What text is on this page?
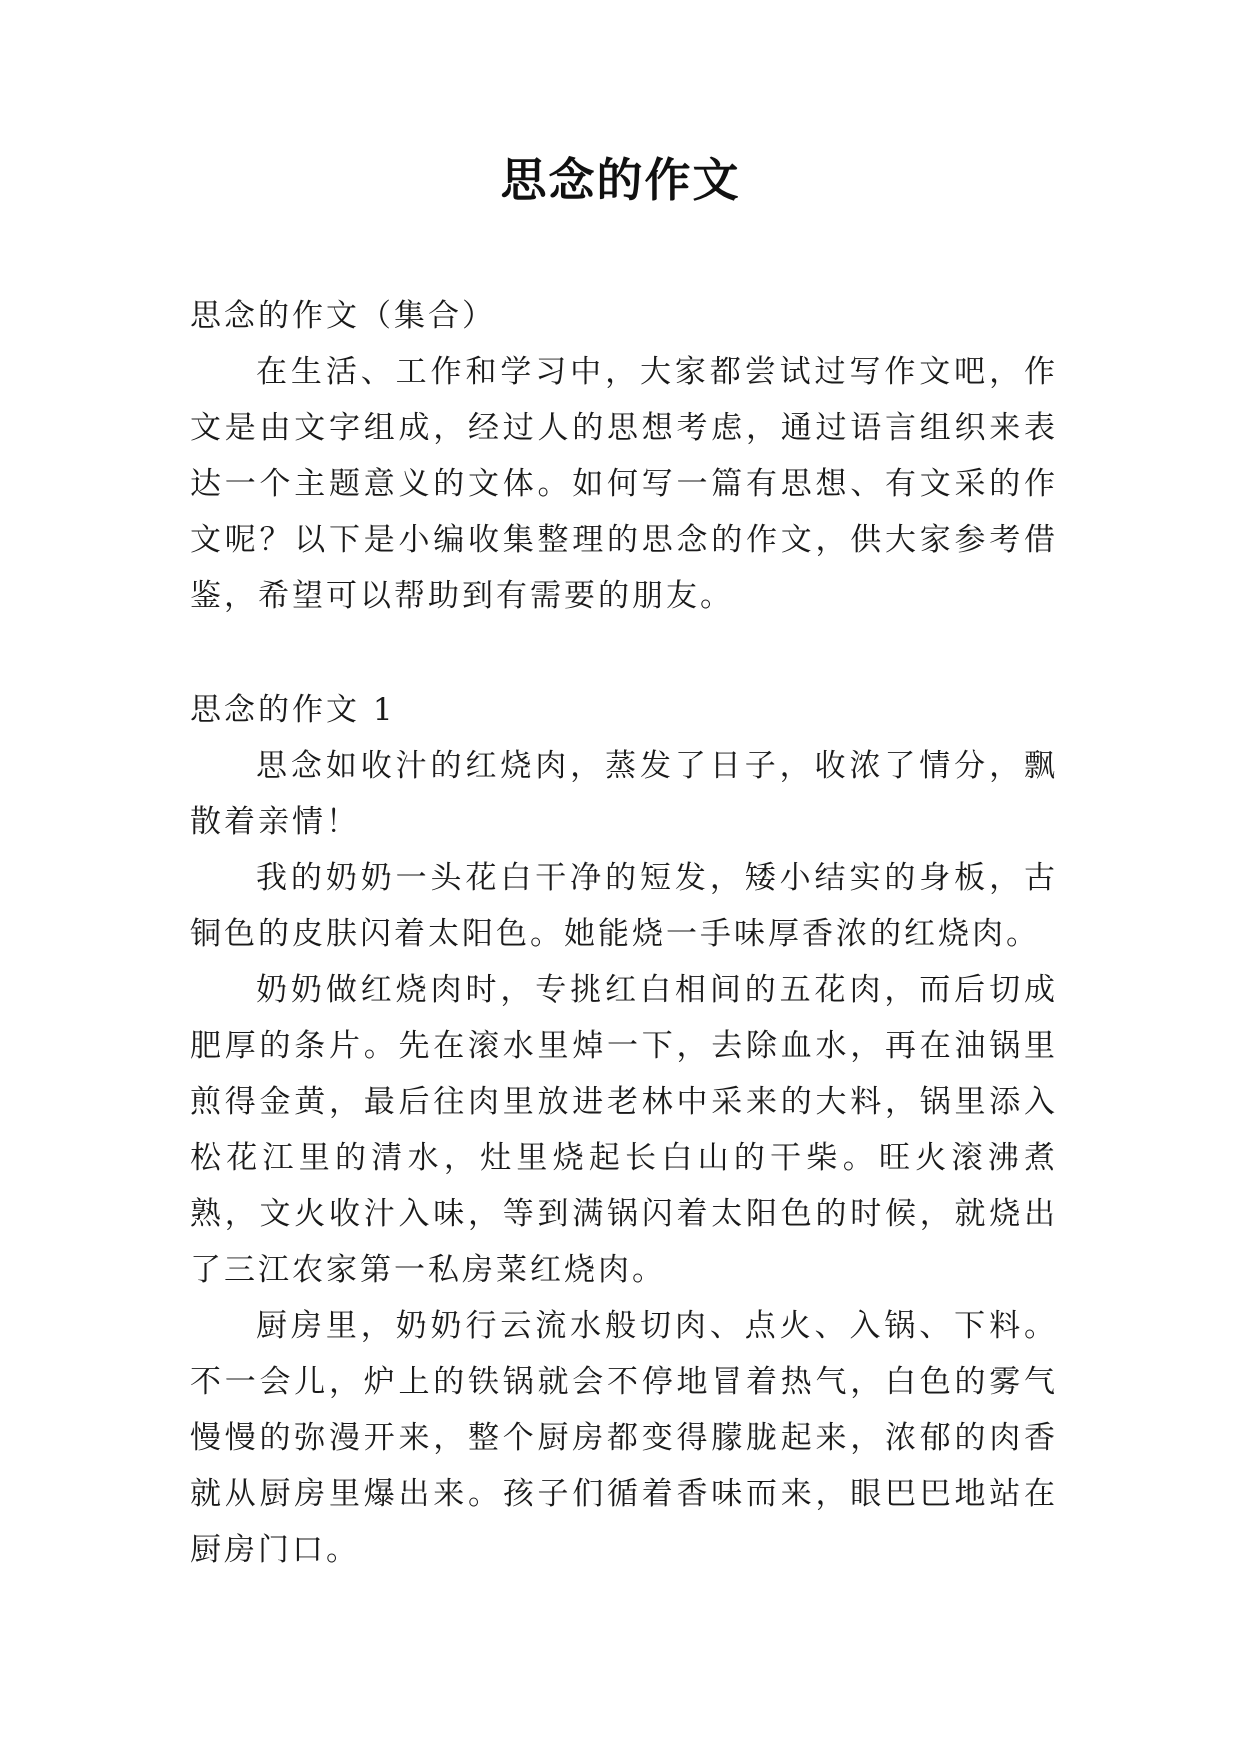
思念的作文

思念的作文（集合）

在生活、工作和学习中，大家都尝试过写作文吧，作文是由文字组成，经过人的思想考虑，通过语言组织来表达一个主题意义的文体。如何写一篇有思想、有文采的作文呢？以下是小编收集整理的思念的作文，供大家参考借鉴，希望可以帮助到有需要的朋友。

思念的作文 1

思念如收汁的红烧肉，蒸发了日子，收浓了情分，飘散着亲情！

我的奶奶一头花白干净的短发，矮小结实的身板，古铜色的皮肤闪着太阳色。她能烧一手味厚香浓的红烧肉。

奶奶做红烧肉时，专挑红白相间的五花肉，而后切成肥厚的条片。先在滚水里焯一下，去除血水，再在油锅里煎得金黄，最后往肉里放进老林中采来的大料，锅里添入松花江里的清水，灶里烧起长白山的干柴。旺火滚沸煮熟，文火收汁入味，等到满锅闪着太阳色的时候，就烧出了三江农家第一私房菜红烧肉。

厨房里，奶奶行云流水般切肉、点火、入锅、下料。不一会儿，炉上的铁锅就会不停地冒着热气，白色的雾气慢慢的弥漫开来，整个厨房都变得朦胧起来，浓郁的肉香就从厨房里爆出来。孩子们循着香味而来，眼巴巴地站在厨房门口。
